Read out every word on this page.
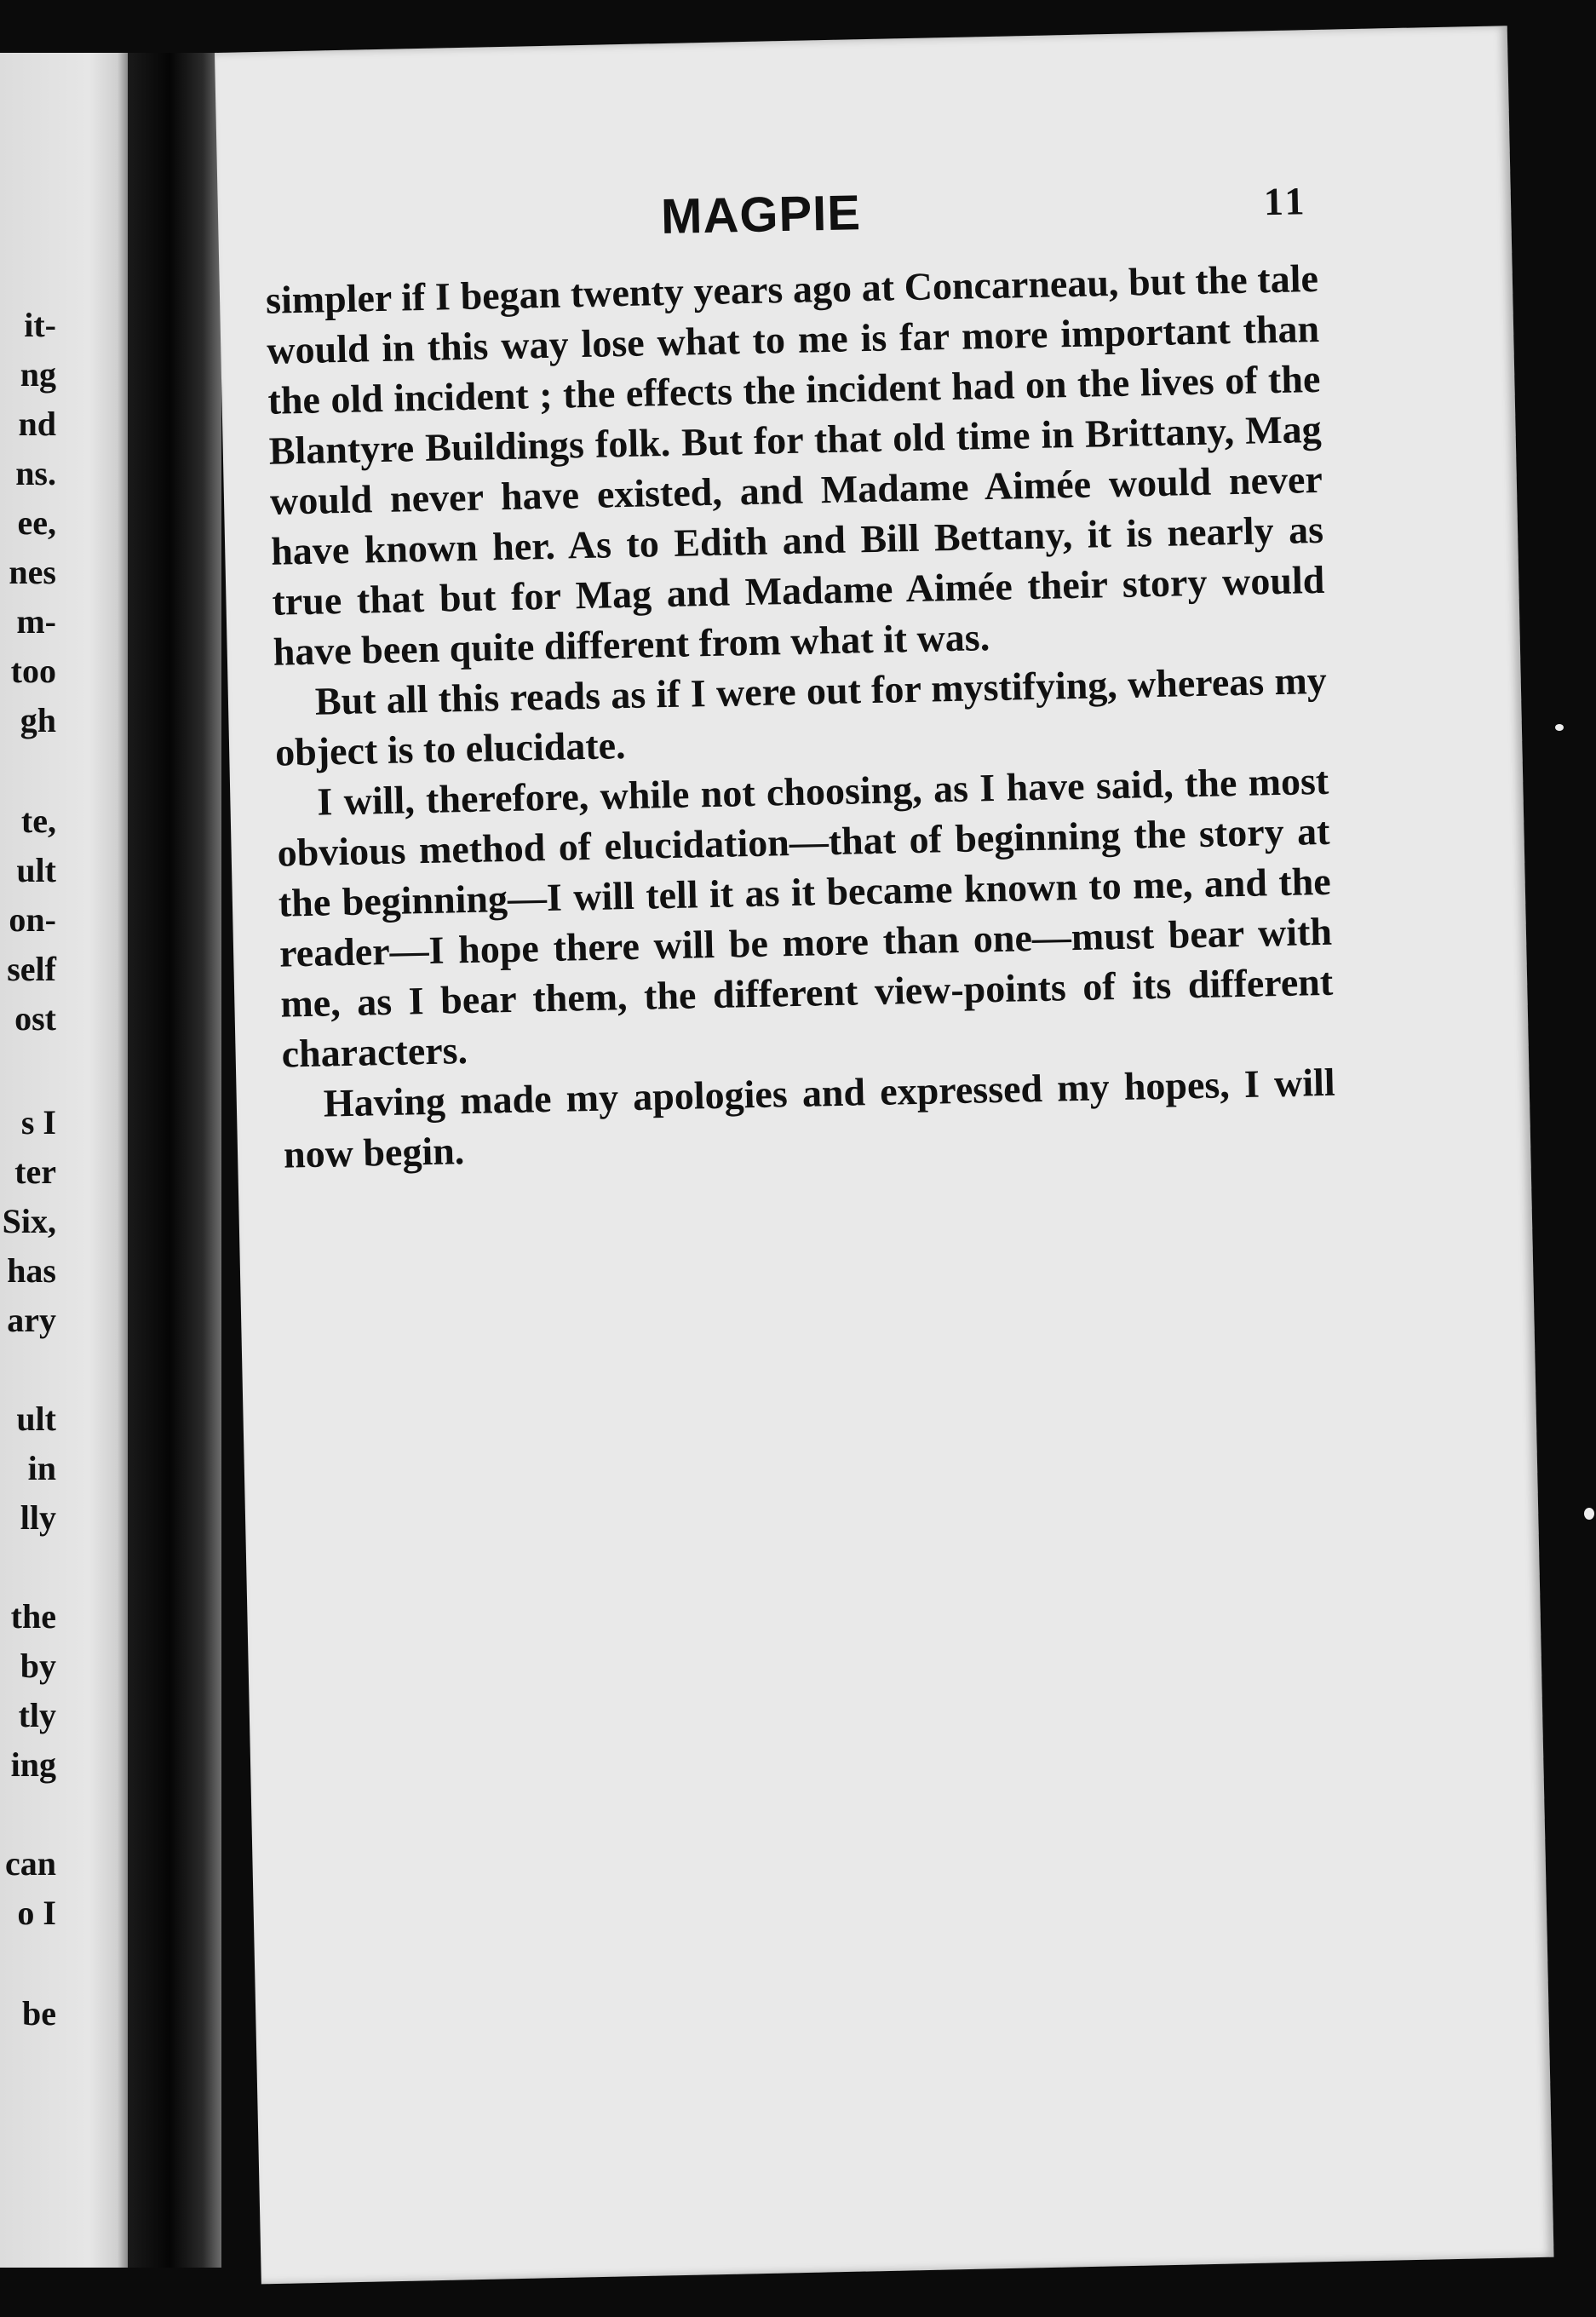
it-
ng
nd
ns.
ee,
nes
m-
too
gh
te,
ult
on-
self
ost
s I
ter
Six,
has
ary
ult
in
lly
the
by
tly
ing
can
o I
be
MAGPIE	11

simpler if I began twenty years ago at Concarneau, but the tale would in this way lose what to me is far more important than the old incident ; the effects the incident had on the lives of the Blantyre Buildings folk. But for that old time in Brittany, Mag would never have existed, and Madame Aimée would never have known her. As to Edith and Bill Bettany, it is nearly as true that but for Mag and Madame Aimée their story would have been quite different from what it was.

But all this reads as if I were out for mystifying, whereas my object is to elucidate.

I will, therefore, while not choosing, as I have said, the most obvious method of elucidation—that of beginning the story at the beginning—I will tell it as it became known to me, and the reader—I hope there will be more than one—must bear with me, as I bear them, the different view-points of its different characters.

Having made my apologies and expressed my hopes, I will now begin.
